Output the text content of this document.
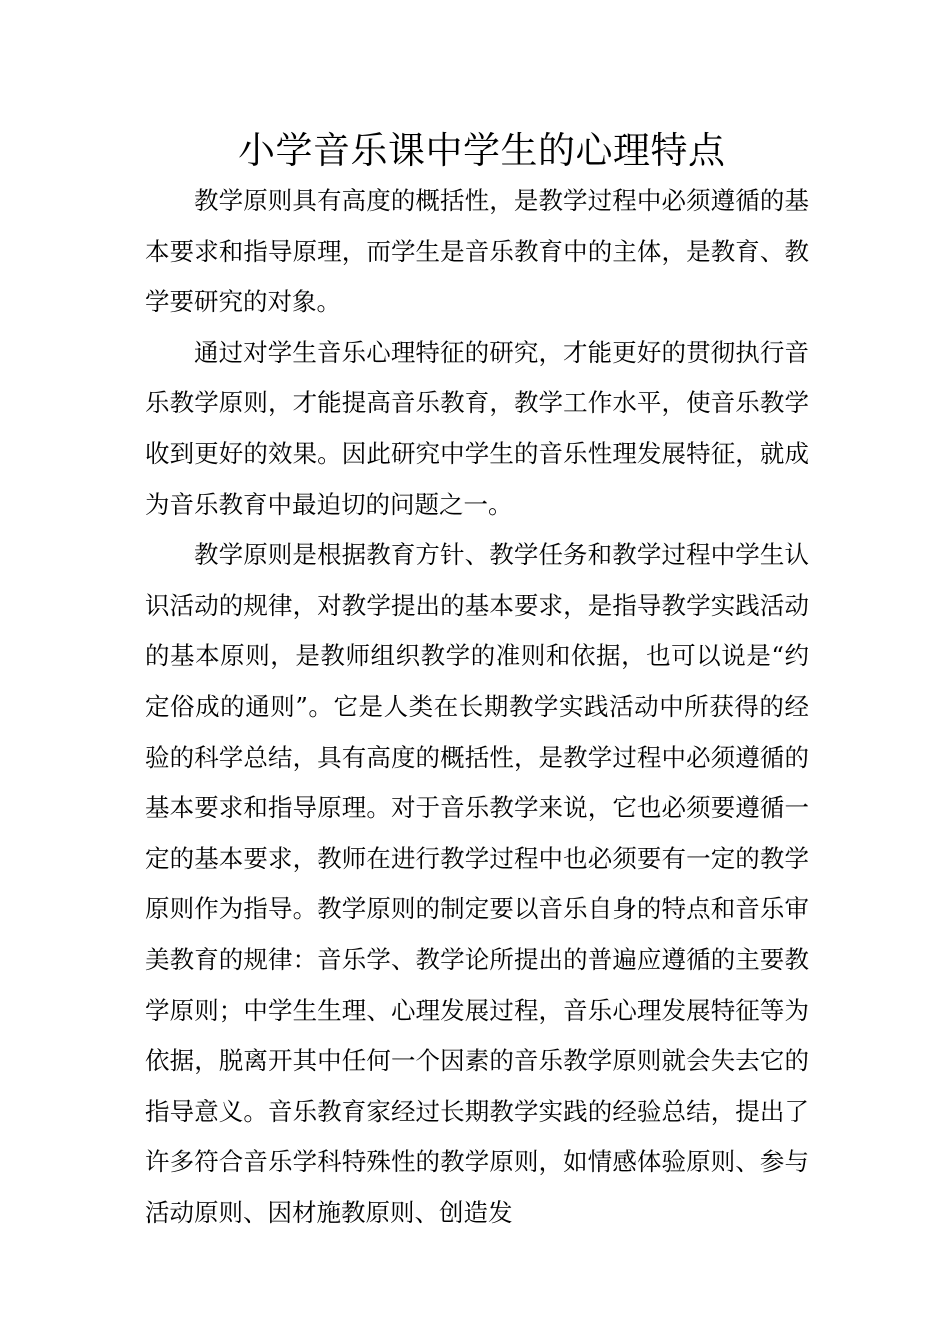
小学音乐课中学生的心理特点

教学原则具有高度的概括性，是教学过程中必须遵循的基本要求和指导原理，而学生是音乐教育中的主体，是教育、教学要研究的对象。

通过对学生音乐心理特征的研究，才能更好的贯彻执行音乐教学原则，才能提高音乐教育，教学工作水平，使音乐教学收到更好的效果。因此研究中学生的音乐性理发展特征，就成为音乐教育中最迫切的问题之一。

教学原则是根据教育方针、教学任务和教学过程中学生认识活动的规律，对教学提出的基本要求，是指导教学实践活动的基本原则，是教师组织教学的准则和依据，也可以说是“约定俗成的通则”。它是人类在长期教学实践活动中所获得的经验的科学总结，具有高度的概括性，是教学过程中必须遵循的基本要求和指导原理。对于音乐教学来说，它也必须要遵循一定的基本要求，教师在进行教学过程中也必须要有一定的教学原则作为指导。教学原则的制定要以音乐自身的特点和音乐审美教育的规律：音乐学、教学论所提出的普遍应遵循的主要教学原则；中学生生理、心理发展过程，音乐心理发展特征等为依据，脱离开其中任何一个因素的音乐教学原则就会失去它的指导意义。音乐教育家经过长期教学实践的经验总结，提出了许多符合音乐学科特殊性的教学原则，如情感体验原则、参与活动原则、因材施教原则、创造发
